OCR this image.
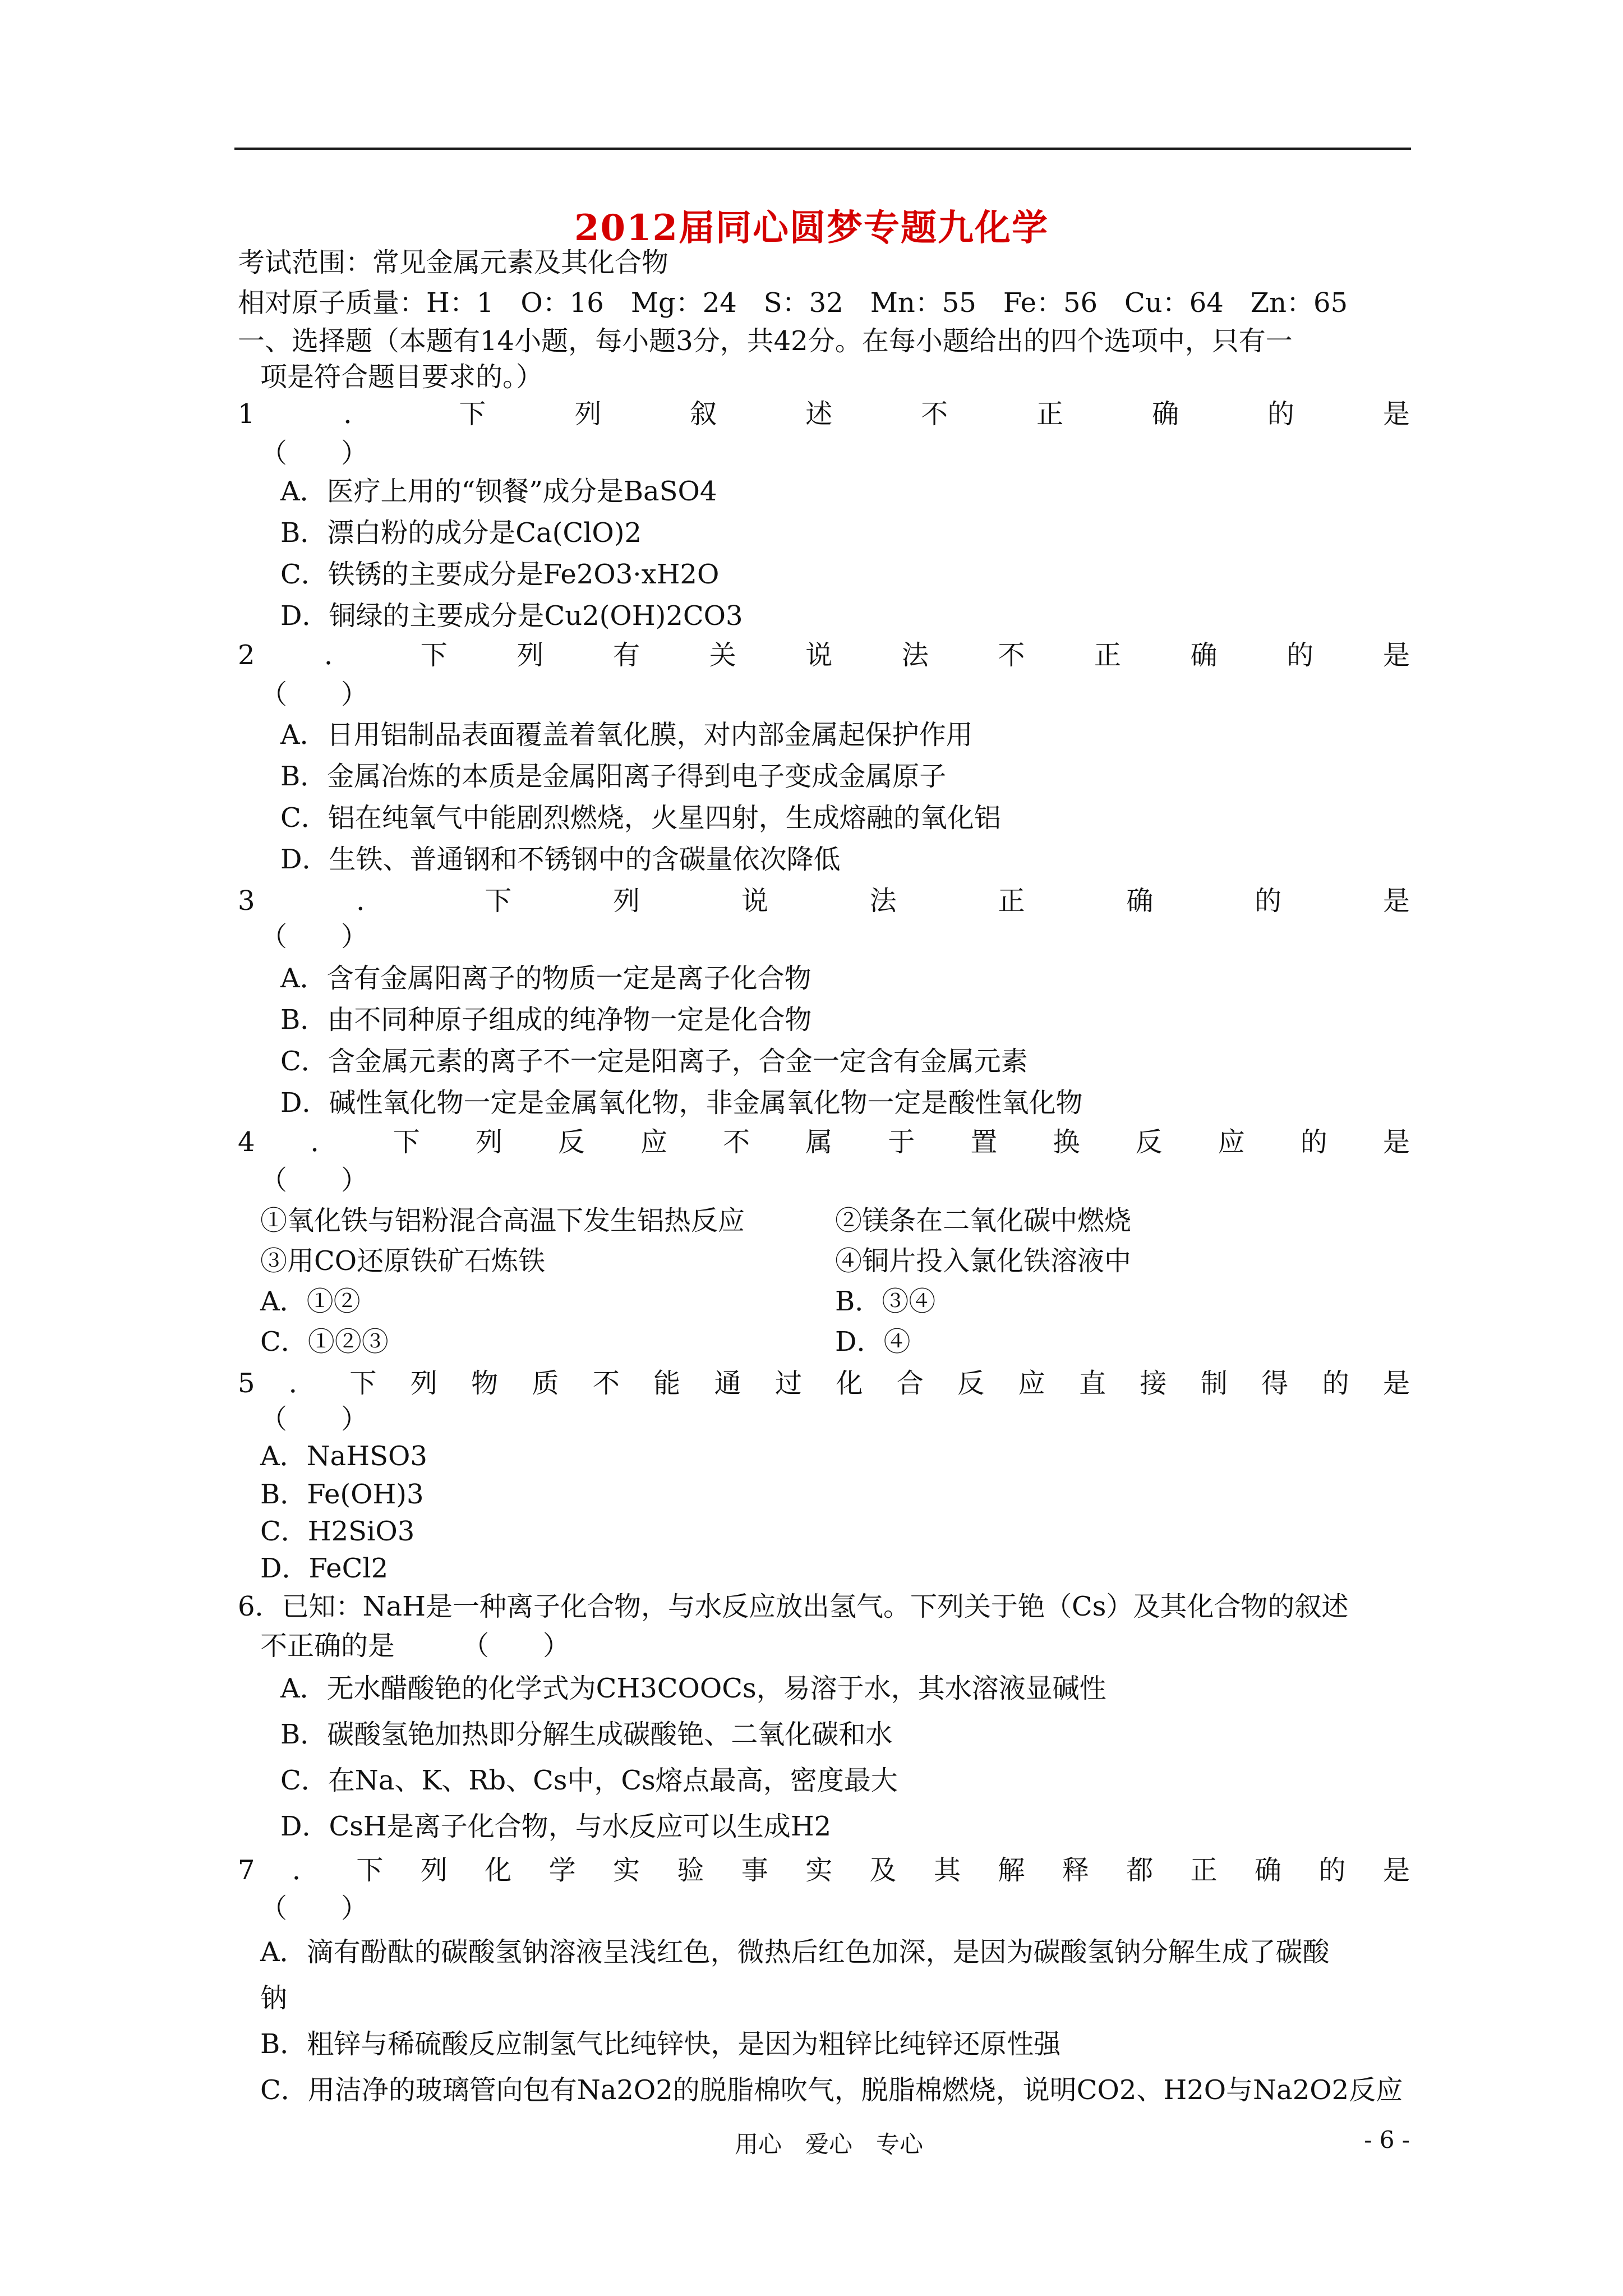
2012届同心圆梦专题九化学
考试范围：常见金属元素及其化合物
相对原子质量：H：1　O：16　Mg：24　S：32　Mn：55　Fe：56　Cu：64　Zn：65
一、选择题（本题有14小题，每小题3分，共42分。在每小题给出的四个选项中，只有一
项是符合题目要求的。）
1	．	下	列	叙	述	不	正	确	的	是
（　　）
A．医疗上用的“钡餐”成分是BaSO4
B．漂白粉的成分是Ca(ClO)2
C．铁锈的主要成分是Fe2O3·xH2O
D．铜绿的主要成分是Cu2(OH)2CO3
2	．	下	列	有	关	说	法	不	正	确	的	是
（　　）
A．日用铝制品表面覆盖着氧化膜，对内部金属起保护作用
B．金属冶炼的本质是金属阳离子得到电子变成金属原子
C．铝在纯氧气中能剧烈燃烧，火星四射，生成熔融的氧化铝
D．生铁、普通钢和不锈钢中的含碳量依次降低
3	．	下	列	说	法	正	确	的	是
（　　）
A．含有金属阳离子的物质一定是离子化合物
B．由不同种原子组成的纯净物一定是化合物
C．含金属元素的离子不一定是阳离子，合金一定含有金属元素
D．碱性氧化物一定是金属氧化物，非金属氧化物一定是酸性氧化物
4 ． 下 列 反 应 不 属 于 置 换 反 应 的 是
（　　）
①氧化铁与铝粉混合高温下发生铝热反应	②镁条在二氧化碳中燃烧
③用CO还原铁矿石炼铁	④铜片投入氯化铁溶液中
A．①②	B．③④
C．①②③	D．④
5 ． 下 列 物 质 不 能 通 过 化 合 反 应 直 接 制 得 的 是
（　　）
A．NaHSO3
B．Fe(OH)3
C．H2SiO3
D．FeCl2
6．已知：NaH是一种离子化合物，与水反应放出氢气。下列关于铯（Cs）及其化合物的叙述
不正确的是　　　（　　）
A．无水醋酸铯的化学式为CH3COOCs，易溶于水，其水溶液显碱性
B．碳酸氢铯加热即分解生成碳酸铯、二氧化碳和水
C．在Na、K、Rb、Cs中，Cs熔点最高，密度最大
D．CsH是离子化合物，与水反应可以生成H2
7 ． 下 列 化 学 实 验 事 实 及 其 解 释 都 正 确 的 是
（　　）
A．滴有酚酞的碳酸氢钠溶液呈浅红色，微热后红色加深，是因为碳酸氢钠分解生成了碳酸
钠
B．粗锌与稀硫酸反应制氢气比纯锌快，是因为粗锌比纯锌还原性强
C．用洁净的玻璃管向包有Na2O2的脱脂棉吹气，脱脂棉燃烧，说明CO2、H2O与Na2O2反应
用心　爱心　专心	- 6 -
